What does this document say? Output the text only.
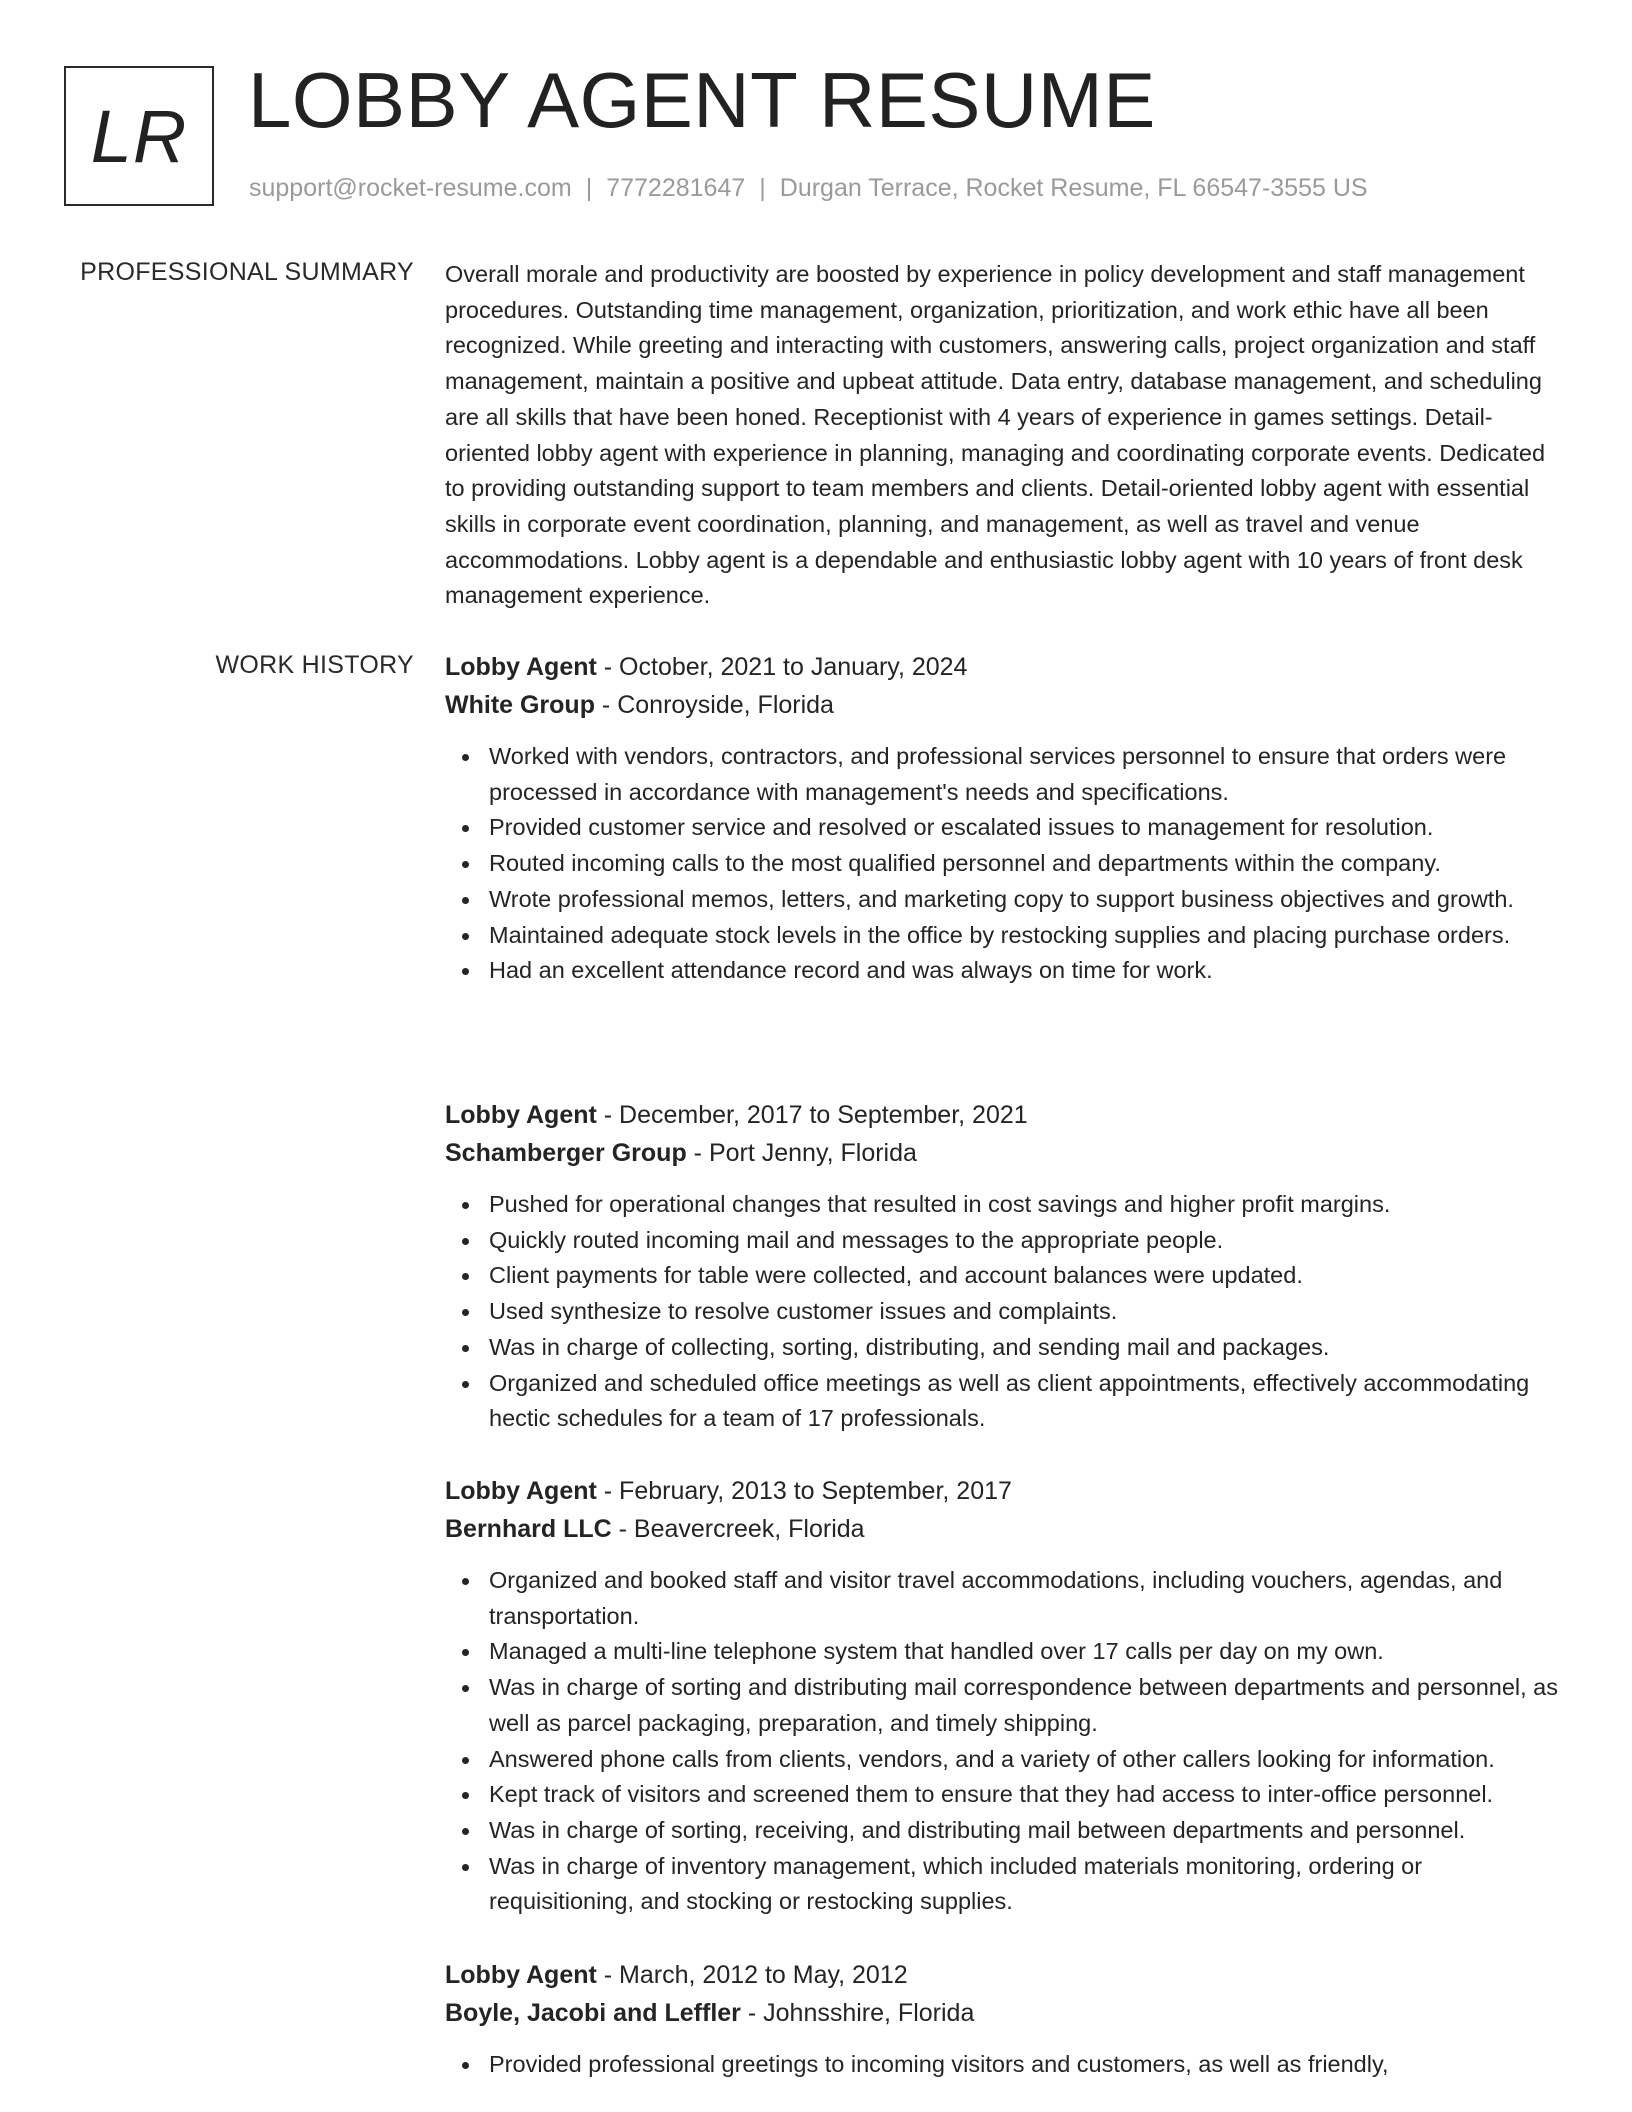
LR LOBBY AGENT RESUME
support@rocket-resume.com | 7772281647 | Durgan Terrace, Rocket Resume, FL 66547-3555 US
PROFESSIONAL SUMMARY Overall morale and productivity are boosted by experience in policy development and staff management procedures. Outstanding time management, organization, prioritization, and work ethic have all been recognized. While greeting and interacting with customers, answering calls, project organization and staff management, maintain a positive and upbeat attitude. Data entry, database management, and scheduling are all skills that have been honed. Receptionist with 4 years of experience in games settings. Detail-oriented lobby agent with experience in planning, managing and coordinating corporate events. Dedicated to providing outstanding support to team members and clients. Detail-oriented lobby agent with essential skills in corporate event coordination, planning, and management, as well as travel and venue accommodations. Lobby agent is a dependable and enthusiastic lobby agent with 10 years of front desk management experience.

WORK HISTORY Lobby Agent - October, 2021 to January, 2024
White Group - Conroyside, Florida
Worked with vendors, contractors, and professional services personnel to ensure that orders were processed in accordance with management's needs and specifications.
Provided customer service and resolved or escalated issues to management for resolution.
Routed incoming calls to the most qualified personnel and departments within the company.
Wrote professional memos, letters, and marketing copy to support business objectives and growth.
Maintained adequate stock levels in the office by restocking supplies and placing purchase orders.
Had an excellent attendance record and was always on time for work.
Lobby Agent - December, 2017 to September, 2021
Schamberger Group - Port Jenny, Florida
Pushed for operational changes that resulted in cost savings and higher profit margins.
Quickly routed incoming mail and messages to the appropriate people.
Client payments for table were collected, and account balances were updated.
Used synthesize to resolve customer issues and complaints.
Was in charge of collecting, sorting, distributing, and sending mail and packages.
Organized and scheduled office meetings as well as client appointments, effectively accommodating hectic schedules for a team of 17 professionals.
Lobby Agent - February, 2013 to September, 2017
Bernhard LLC - Beavercreek, Florida
Organized and booked staff and visitor travel accommodations, including vouchers, agendas, and transportation.
Managed a multi-line telephone system that handled over 17 calls per day on my own.
Was in charge of sorting and distributing mail correspondence between departments and personnel, as well as parcel packaging, preparation, and timely shipping.
Answered phone calls from clients, vendors, and a variety of other callers looking for information.
Kept track of visitors and screened them to ensure that they had access to inter-office personnel.
Was in charge of sorting, receiving, and distributing mail between departments and personnel.
Was in charge of inventory management, which included materials monitoring, ordering or requisitioning, and stocking or restocking supplies.
Lobby Agent - March, 2012 to May, 2012
Boyle, Jacobi and Leffler - Johnsshire, Florida
Provided professional greetings to incoming visitors and customers, as well as friendly,
